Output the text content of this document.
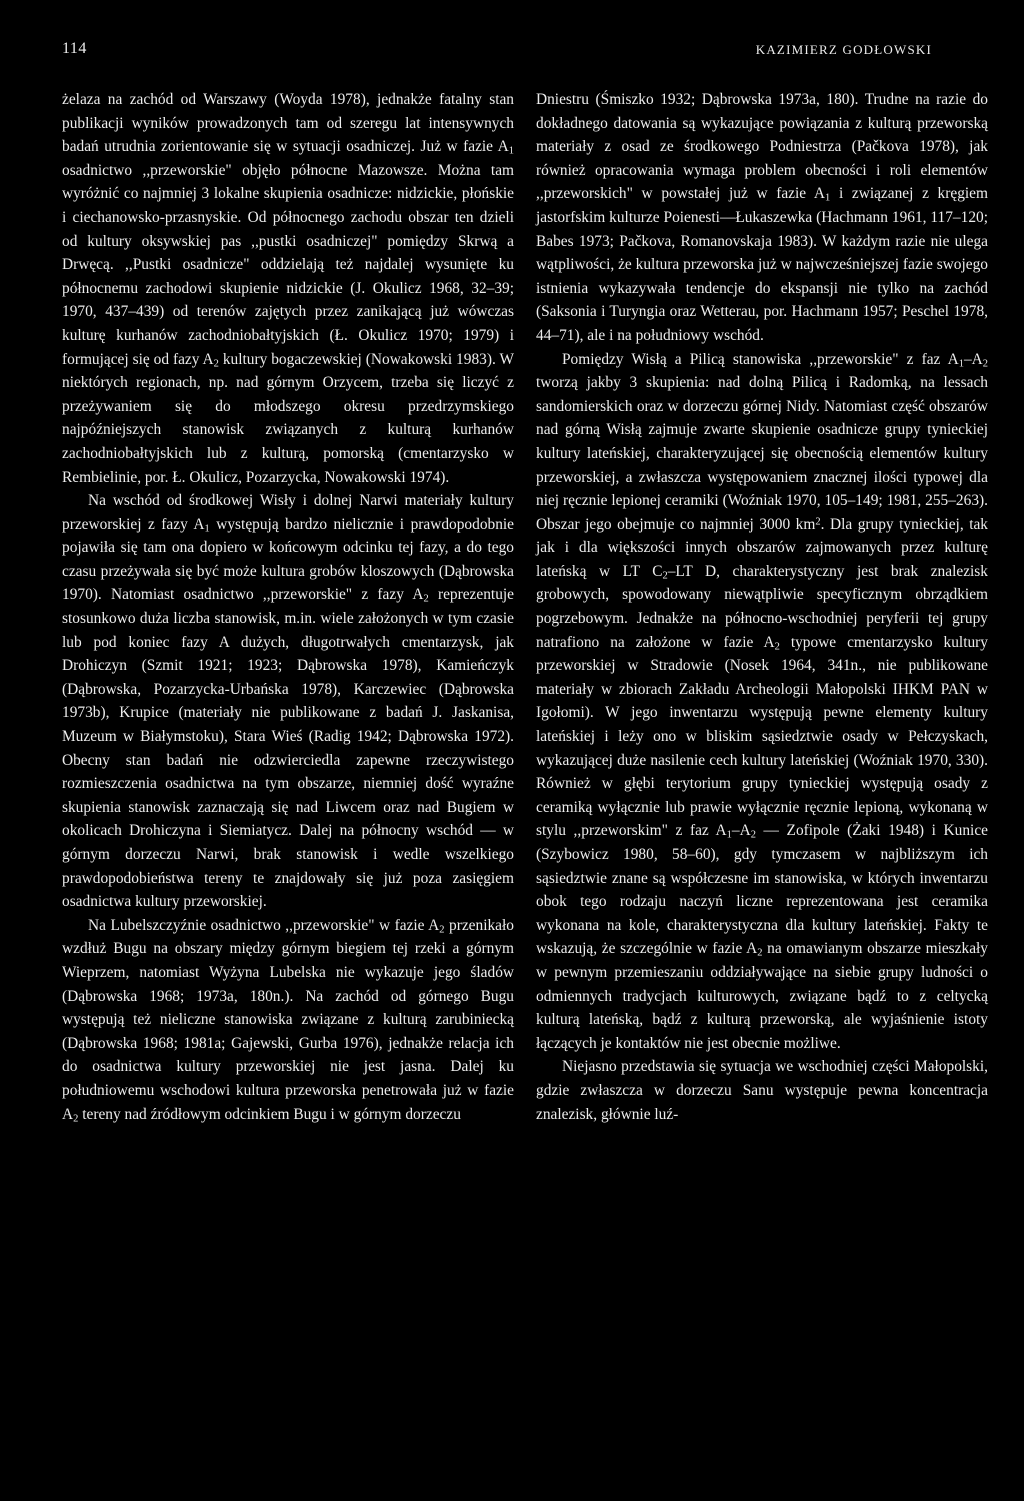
114	KAZIMIERZ GODŁOWSKI

żelaza na zachód od Warszawy (Woyda 1978), jednakże fatalny stan publikacji wyników prowadzonych tam od szeregu lat intensywnych badań utrudnia zorientowanie się w sytuacji osadniczej. Już w fazie $A_1$ osadnictwo ,,przeworskie" objęło północne Mazowsze. Można tam wyróżnić co najmniej 3 lokalne skupienia osadnicze: nidzickie, płońskie i ciechanowsko-przasnyskie. Od północnego zachodu obszar ten dzieli od kultury oksywskiej pas ,,pustki osadniczej" pomiędzy Skrwą a Drwęcą. ,,Pustki osadnicze" oddzielają też najdalej wysunięte ku północnemu zachodowi skupienie nidzickie (J. Okulicz 1968, 32–39; 1970, 437–439) od terenów zajętych przez zanikającą już wówczas kulturę kurhanów zachodniobałtyjskich (Ł. Okulicz 1970; 1979) i formującej się od fazy $A_2$ kultury bogaczewskiej (Nowakowski 1983). W niektórych regionach, np. nad górnym Orzycem, trzeba się liczyć z przeżywaniem się do młodszego okresu przedrzymskiego najpóźniejszych stanowisk związanych z kulturą kurhanów zachodniobałtyjskich lub z kulturą, pomorską (cmentarzysko w Rembielinie, por. Ł. Okulicz, Pozarzycka, Nowakowski 1974).

Na wschód od środkowej Wisły i dolnej Narwi materiały kultury przeworskiej z fazy $A_1$ występują bardzo nielicznie i prawdopodobnie pojawiła się tam ona dopiero w końcowym odcinku tej fazy, a do tego czasu przeżywała się być może kultura grobów kloszowych (Dąbrowska 1970). Natomiast osadnictwo ,,przeworskie" z fazy $A_2$ reprezentuje stosunkowo duża liczba stanowisk, m.in. wiele założonych w tym czasie lub pod koniec fazy A dużych, długotrwałych cmentarzysk, jak Drohiczyn (Szmit 1921; 1923; Dąbrowska 1978), Kamieńczyk (Dąbrowska, Pozarzycka-Urbańska 1978), Karczewiec (Dąbrowska 1973b), Krupice (materiały nie publikowane z badań J. Jaskanisa, Muzeum w Białymstoku), Stara Wieś (Radig 1942; Dąbrowska 1972). Obecny stan badań nie odzwierciedla zapewne rzeczywistego rozmieszczenia osadnictwa na tym obszarze, niemniej dość wyraźne skupienia stanowisk zaznaczają się nad Liwcem oraz nad Bugiem w okolicach Drohiczyna i Siemiatycz. Dalej na północny wschód — w górnym dorzeczu Narwi, brak stanowisk i wedle wszelkiego prawdopodobieństwa tereny te znajdowały się już poza zasięgiem osadnictwa kultury przeworskiej.

Na Lubelszczyźnie osadnictwo ,,przeworskie" w fazie $A_2$ przenikało wzdłuż Bugu na obszary między górnym biegiem tej rzeki a górnym Wieprzem, natomiast Wyżyna Lubelska nie wykazuje jego śladów (Dąbrowska 1968; 1973a, 180n.). Na zachód od górnego Bugu występują też nieliczne stanowiska związane z kulturą zarubiniecką (Dąbrowska 1968; 1981a; Gajewski, Gurba 1976), jednakże relacja ich do osadnictwa kultury przeworskiej nie jest jasna. Dalej ku południowemu wschodowi kultura przeworska penetrowała już w fazie $A_2$ tereny nad źródłowym odcinkiem Bugu i w górnym dorzeczu

Dniestru (Śmiszko 1932; Dąbrowska 1973a, 180). Trudne na razie do dokładnego datowania są wykazujące powiązania z kulturą przeworską materiały z osad ze środkowego Podniestrza (Pačkova 1978), jak również opracowania wymaga problem obecności i roli elementów ,,przeworskich" w powstałej już w fazie $A_1$ i związanej z kręgiem jastorfskim kulturze Poienesti—Łukaszewka (Hachmann 1961, 117–120; Babes 1973; Pačkova, Romanovskaja 1983). W każdym razie nie ulega wątpliwości, że kultura przeworska już w najwcześniejszej fazie swojego istnienia wykazywała tendencje do ekspansji nie tylko na zachód (Saksonia i Turyngia oraz Wetterau, por. Hachmann 1957; Peschel 1978, 44–71), ale i na południowy wschód.

Pomiędzy Wisłą a Pilicą stanowiska ,,przeworskie" z faz $A_1-A_2$ tworzą jakby 3 skupienia: nad dolną Pilicą i Radomką, na lessach sandomierskich oraz w dorzeczu górnej Nidy. Natomiast część obszarów nad górną Wisłą zajmuje zwarte skupienie osadnicze grupy tynieckiej kultury lateńskiej, charakteryzującej się obecnością elementów kultury przeworskiej, a zwłaszcza występowaniem znacznej ilości typowej dla niej ręcznie lepionej ceramiki (Woźniak 1970, 105–149; 1981, 255–263). Obszar jego obejmuje co najmniej 3000 $km^2$. Dla grupy tynieckiej, tak jak i dla większości innych obszarów zajmowanych przez kulturę lateńską w LT $C_2-LT$ D, charakterystyczny jest brak znalezisk grobowych, spowodowany niewątpliwie specyficznym obrządkiem pogrzebowym. Jednakże na północno-wschodniej peryferii tej grupy natrafiono na założone w fazie $A_2$ typowe cmentarzysko kultury przeworskiej w Stradowie (Nosek 1964, 341n., nie publikowane materiały w zbiorach Zakładu Archeologii Małopolski IHKM PAN w Igołomi). W jego inwentarzu występują pewne elementy kultury lateńskiej i leży ono w bliskim sąsiedztwie osady w Pełczyskach, wykazującej duże nasilenie cech kultury lateńskiej (Woźniak 1970, 330). Również w głębi terytorium grupy tynieckiej występują osady z ceramiką wyłącznie lub prawie wyłącznie ręcznie lepioną, wykonaną w stylu ,,przeworskim" z faz $A_1-A_2$ — Zofipole (Żaki 1948) i Kunice (Szybowicz 1980, 58–60), gdy tymczasem w najbliższym ich sąsiedztwie znane są współczesne im stanowiska, w których inwentarzu obok tego rodzaju naczyń liczne reprezentowana jest ceramika wykonana na kole, charakterystyczna dla kultury lateńskiej. Fakty te wskazują, że szczególnie w fazie $A_2$ na omawianym obszarze mieszkały w pewnym przemieszaniu oddziaływające na siebie grupy ludności o odmiennych tradycjach kulturowych, związane bądź to z celtycką kulturą lateńską, bądź z kulturą przeworską, ale wyjaśnienie istoty łączących je kontaktów nie jest obecnie możliwe.

Niejasno przedstawia się sytuacja we wschodniej części Małopolski, gdzie zwłaszcza w dorzeczu Sanu występuje pewna koncentracja znalezisk, głównie luź-
